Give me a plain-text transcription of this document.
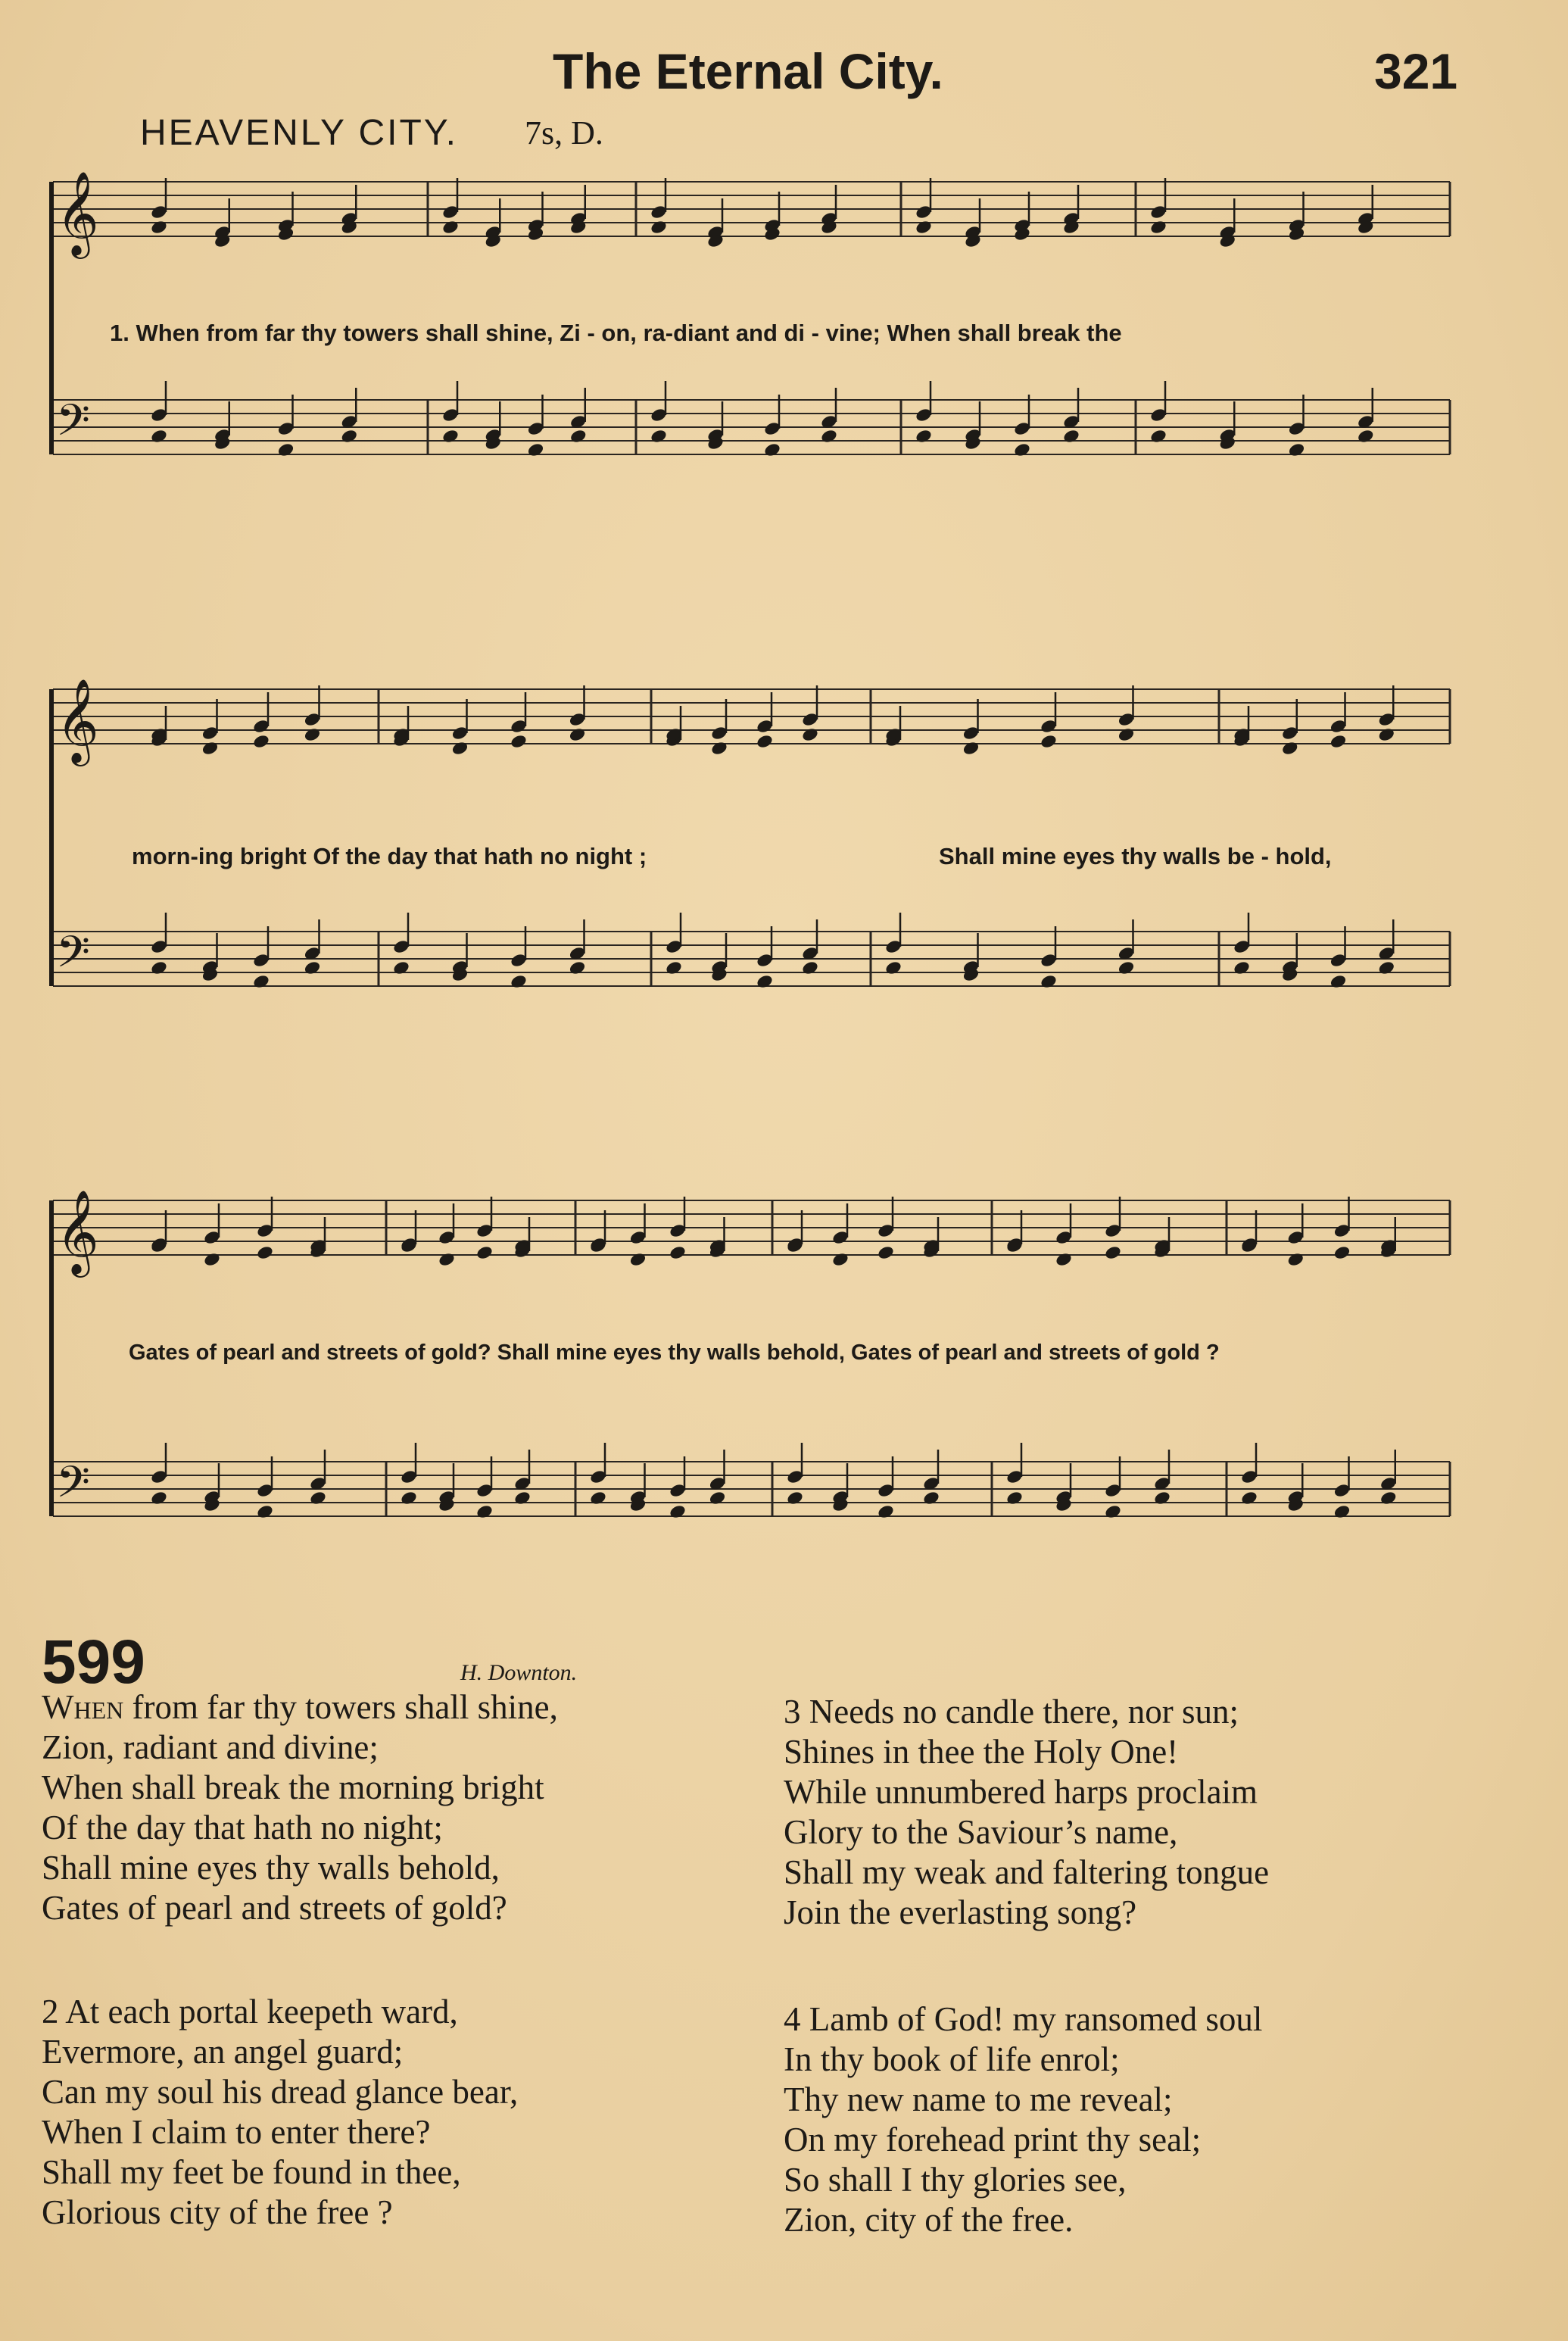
The Eternal City.	321
HEAVENLY CITY. 7s, D.
𝄞
𝄢
1. When from far thy towers shall shine, Zi - on, ra-diant and di - vine; When shall break the
𝄞
𝄢
morn-ing bright Of the day that hath no night ;	Shall mine eyes thy walls be - hold,
𝄞
𝄢
Gates of pearl and streets of gold? Shall mine eyes thy walls behold, Gates of pearl and streets of gold ?
599	H. Downton.
When from far thy towers shall shine,
Zion, radiant and divine;
When shall break the morning bright
Of the day that hath no night;
Shall mine eyes thy walls behold,
Gates of pearl and streets of gold?
3 Needs no candle there, nor sun;
Shines in thee the Holy One!
While unnumbered harps proclaim
Glory to the Saviour’s name,
Shall my weak and faltering tongue
Join the everlasting song?
2 At each portal keepeth ward,
Evermore, an angel guard;
Can my soul his dread glance bear,
When I claim to enter there?
Shall my feet be found in thee,
Glorious city of the free ?
4 Lamb of God! my ransomed soul
In thy book of life enrol;
Thy new name to me reveal;
On my forehead print thy seal;
So shall I thy glories see,
Zion, city of the free.
